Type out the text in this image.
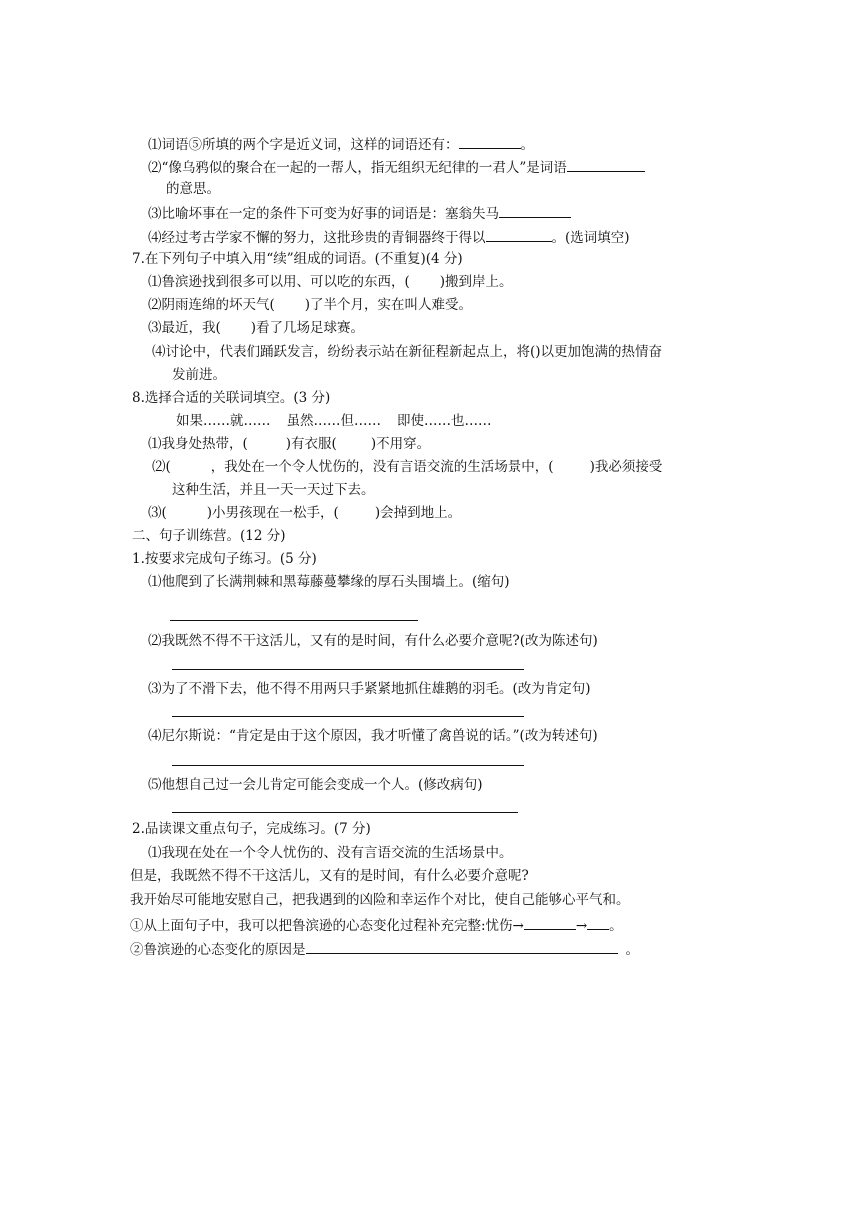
⑴词语⑤所填的两个字是近义词，这样的词语还有：	。
⑵“像乌鸦似的聚合在一起的一帮人，指无组织无纪律的一君人”是词语
的意思。
⑶比喻坏事在一定的条件下可变为好事的词语是：塞翁失马
⑷经过考古学家不懈的努力，这批珍贵的青铜器终于得以	。(选词填空)
7.在下列句子中填入用“续”组成的词语。(不重复)(4 分)
⑴鲁滨逊找到很多可以用、可以吃的东西，( )搬到岸上。
⑵阴雨连绵的坏天气( )了半个月，实在叫人难受。
⑶最近，我( )看了几场足球赛。
⑷讨论中，代表们踊跃发言，纷纷表示站在新征程新起点上，将()以更加饱满的热情奋
发前进。
8.选择合适的关联词填空。(3 分)
如果……就…… 虽然……但…… 即使……也……
⑴我身处热带，(	)有衣服(	)不用穿。
⑵(	，我处在一个令人忧伤的，没有言语交流的生活场景中，(	)我必须接受
这种生活，并且一天一天过下去。
⑶(	)小男孩现在一松手，(	)会掉到地上。
二、句子训练营。(12 分)
1.按要求完成句子练习。(5 分)
⑴他爬到了长满荆棘和黑莓藤蔓攀缘的厚石头围墙上。(缩句)
⑵我既然不得不干这活儿，又有的是时间，有什么必要介意呢?(改为陈述句)
⑶为了不滑下去，他不得不用两只手紧紧地抓住雄鹅的羽毛。(改为肯定句)
⑷尼尔斯说：“肯定是由于这个原因，我才听懂了禽兽说的话。”(改为转述句)
⑸他想自己过一会儿肯定可能会变成一个人。(修改病句)
2.品读课文重点句子，完成练习。(7 分)
⑴我现在处在一个令人忧伤的、没有言语交流的生活场景中。
但是，我既然不得不干这活儿，又有的是时间，有什么必要介意呢?
我开始尽可能地安慰自己，把我遇到的凶险和幸运作个对比，使自己能够心平气和。
①从上面句子中，我可以把鲁滨逊的心态变化过程补充完整:忧伤→	→ 。
②鲁滨逊的心态变化的原因是	。
